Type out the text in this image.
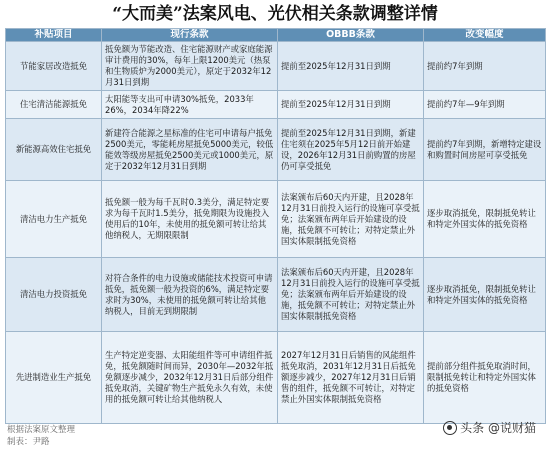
“大而美”法案风电、光伏相关条款调整详情
补贴项目	现行条款	OBBB条款	改变幅度
节能家居改造抵免	抵免额为节能改造、住宅能源财产或家庭能源审计费用的30%，每年上限1200美元（热泵和生物质炉为2000美元），原定于2032年12月31日到期	提前至2025年12月31日到期	提前约7年到期
住宅清洁能源抵免	太阳能等支出可申请30%抵免，2033年26%，2034年降22%	提前至2025年12月31日到期	提前约7年—9年到期
新能源高效住宅抵免	新建符合能源之星标准的住宅可申请每户抵免2500美元，零能耗房屋抵免5000美元，较低能效等级房屋抵免2500美元或1000美元，原定于2032年12月31日到期	提前至2025年12月31日到期，新建住宅须在2025年5月12日前开始建设，2026年12月31日前购置的房屋仍可享受抵免	提前约7年到期，新增特定建设和购置时间房屋可享受抵免
清洁电力生产抵免	抵免额一般为每千瓦时0.3美分，满足特定要求为每千瓦时1.5美分，抵免期限为设施投入使用后的10年，未使用的抵免额可转让给其他纳税人，无期限限制	法案颁布后60天内开建，且2028年12月31日前投入运行的设施可享受抵免；法案颁布两年后开始建设的设施，抵免额不可转让；对特定禁止外国实体限制抵免资格	逐步取消抵免，限制抵免转让和特定外国实体的抵免资格
清洁电力投资抵免	对符合条件的电力设施或储能技术投资可申请抵免，抵免额一般为投资的6%，满足特定要求时为30%，未使用的抵免额可转让给其他纳税人，目前无到期限制	法案颁布后60天内开建，且2028年12月31日前投入运行的设施可享受抵免；法案颁布两年后开始建设的设施，抵免额不可转让；对特定禁止外国实体限制抵免资格	逐步取消抵免，限制抵免转让和特定外国实体的抵免资格
先进制造业生产抵免	生产特定逆变器、太阳能组件等可申请组件抵免，抵免额随时间而异，2030年—2032年抵免额逐步减少，2032年12月31日后部分组件抵免取消，关键矿物生产抵免永久有效，未使用的抵免额可转让给其他纳税人	2027年12月31日后销售的风能组件抵免取消，2031年12月31日后抵免额逐步减少，2027年12月31日后销售的组件，抵免额不可转让，对特定禁止外国实体限制抵免资格	提前部分组件抵免取消时间，限制抵免转让和特定外国实体的抵免资格
根据法案原文整理
制表：尹路
头条 @说财猫
